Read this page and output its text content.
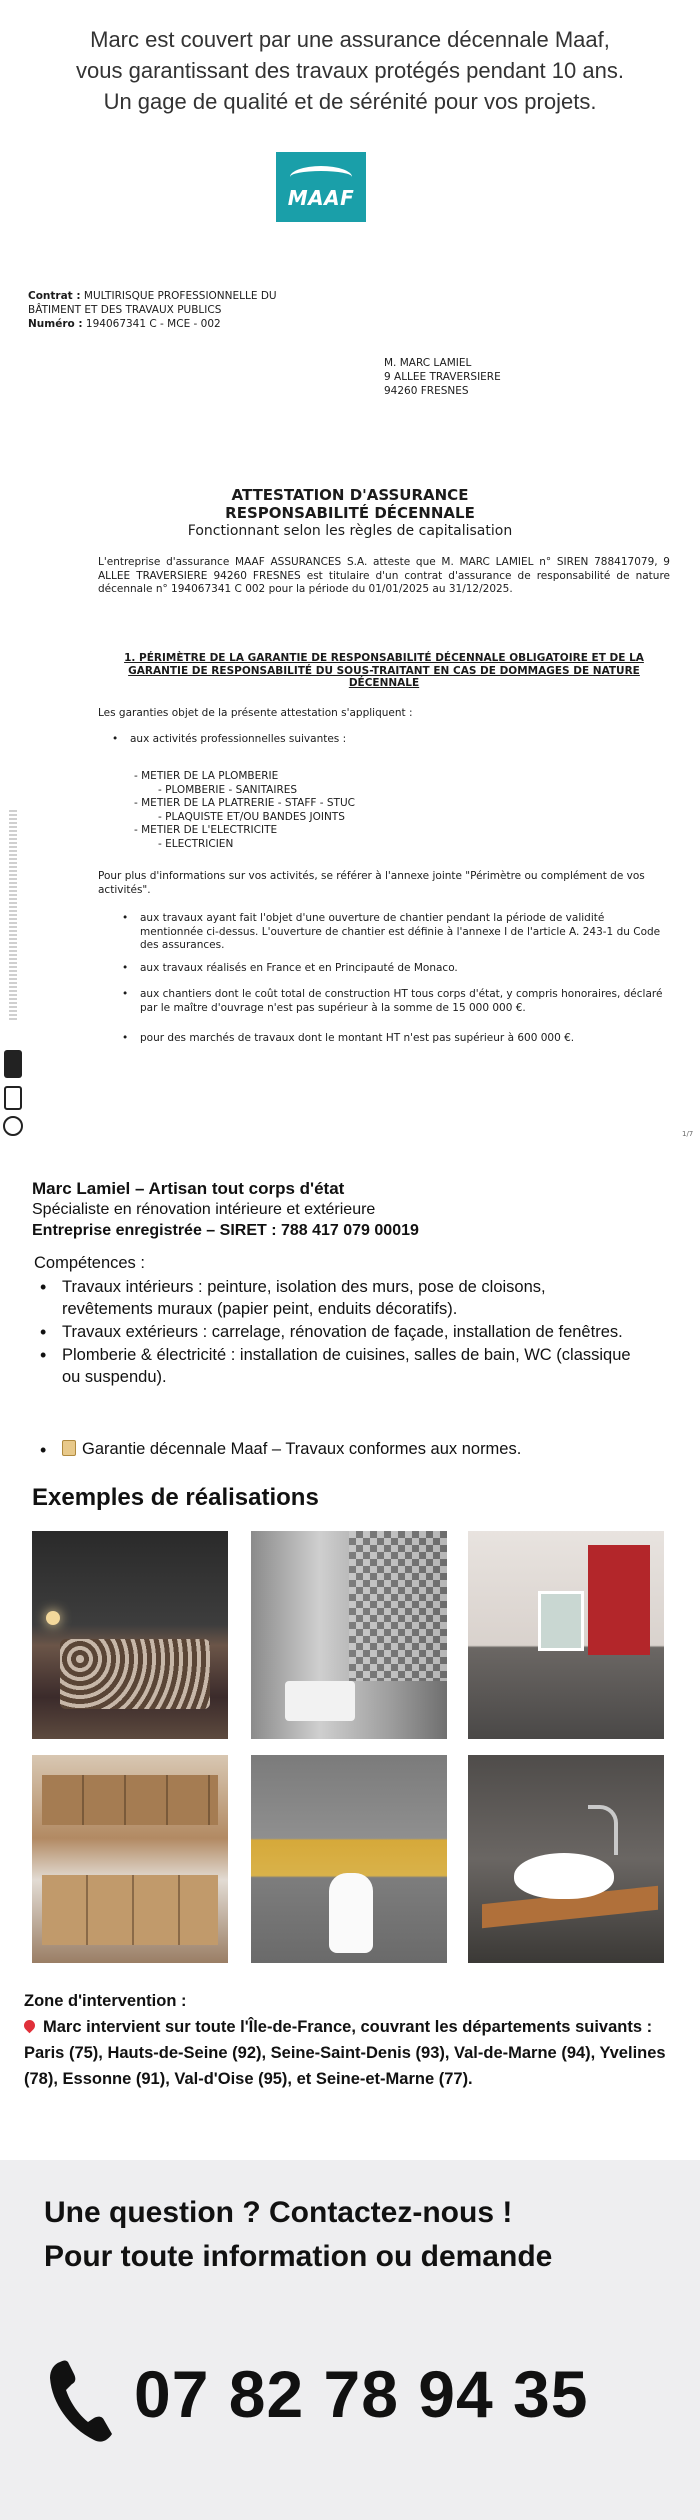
Marc est couvert par une assurance décennale Maaf,
vous garantissant des travaux protégés pendant 10 ans.
Un gage de qualité et de sérénité pour vos projets.
MAAF
Contrat : MULTIRISQUE PROFESSIONNELLE DU BÂTIMENT ET DES TRAVAUX PUBLICS
Numéro : 194067341 C - MCE - 002
M. MARC LAMIEL
9 ALLEE TRAVERSIERE
94260 FRESNES
ATTESTATION D'ASSURANCE
RESPONSABILITÉ DÉCENNALE
Fonctionnant selon les règles de capitalisation
L'entreprise d'assurance MAAF ASSURANCES S.A. atteste que M. MARC LAMIEL n° SIREN 788417079, 9 ALLEE TRAVERSIERE 94260 FRESNES est titulaire d'un contrat d'assurance de responsabilité de nature décennale n° 194067341 C 002 pour la période du 01/01/2025 au 31/12/2025.
1. PÉRIMÈTRE DE LA GARANTIE DE RESPONSABILITÉ DÉCENNALE OBLIGATOIRE ET DE LA GARANTIE DE RESPONSABILITÉ DU SOUS-TRAITANT EN CAS DE DOMMAGES DE NATURE DÉCENNALE
Les garanties objet de la présente attestation s'appliquent :
• aux activités professionnelles suivantes :
- METIER DE LA PLOMBERIE
- PLOMBERIE - SANITAIRES
- METIER DE LA PLATRERIE - STAFF - STUC
- PLAQUISTE ET/OU BANDES JOINTS
- METIER DE L'ELECTRICITE
- ELECTRICIEN
Pour plus d'informations sur vos activités, se référer à l'annexe jointe "Périmètre ou complément de vos activités".
• aux travaux ayant fait l'objet d'une ouverture de chantier pendant la période de validité mentionnée ci-dessus. L'ouverture de chantier est définie à l'annexe I de l'article A. 243-1 du Code des assurances.
• aux travaux réalisés en France et en Principauté de Monaco.
• aux chantiers dont le coût total de construction HT tous corps d'état, y compris honoraires, déclaré par le maître d'ouvrage n'est pas supérieur à la somme de 15 000 000 €.
• pour des marchés de travaux dont le montant HT n'est pas supérieur à 600 000 €.
1/7
Marc Lamiel – Artisan tout corps d'état
Spécialiste en rénovation intérieure et extérieure
Entreprise enregistrée – SIRET : 788 417 079 00019
Compétences :
• Travaux intérieurs : peinture, isolation des murs, pose de cloisons, revêtements muraux (papier peint, enduits décoratifs).
• Travaux extérieurs : carrelage, rénovation de façade, installation de fenêtres.
• Plomberie & électricité : installation de cuisines, salles de bain, WC (classique ou suspendu).
• Garantie décennale Maaf – Travaux conformes aux normes.
Exemples de réalisations
Zone d'intervention :
Marc intervient sur toute l'Île-de-France, couvrant les départements suivants :
Paris (75), Hauts-de-Seine (92), Seine-Saint-Denis (93), Val-de-Marne (94), Yvelines (78), Essonne (91), Val-d'Oise (95), et Seine-et-Marne (77).
Une question ? Contactez-nous !
Pour toute information ou demande
07 82 78 94 35
